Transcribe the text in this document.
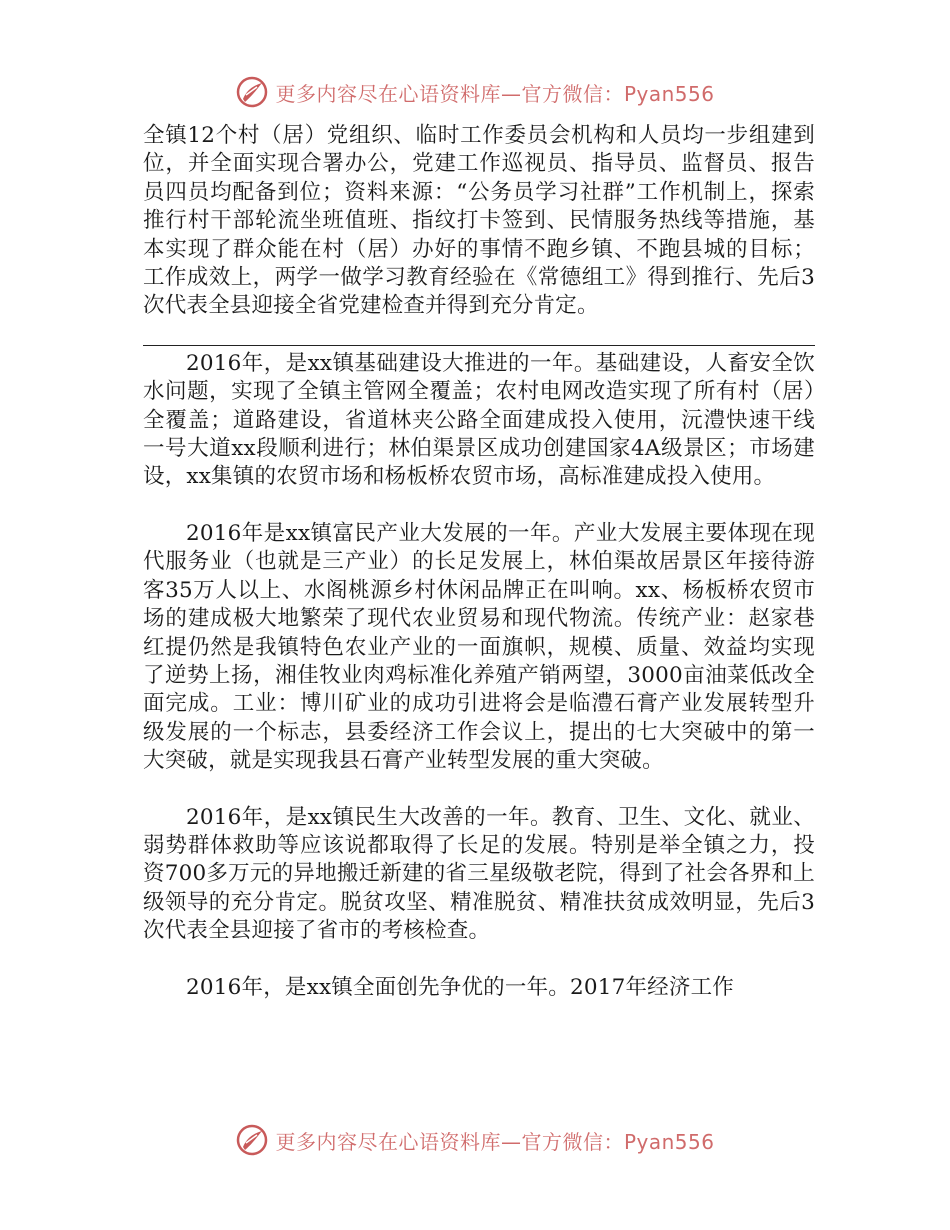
更多内容尽在心语资料库—官方微信：Pyan556

全镇12个村（居）党组织、临时工作委员会机构和人员均一步组建到位，并全面实现合署办公，党建工作巡视员、指导员、监督员、报告员四员均配备到位；资料来源：“公务员学习社群”工作机制上，探索推行村干部轮流坐班值班、指纹打卡签到、民情服务热线等措施，基本实现了群众能在村（居）办好的事情不跑乡镇、不跑县城的目标；工作成效上，两学一做学习教育经验在《常德组工》得到推行、先后3次代表全县迎接全省党建检查并得到充分肯定。

2016年，是xx镇基础建设大推进的一年。基础建设，人畜安全饮水问题，实现了全镇主管网全覆盖；农村电网改造实现了所有村（居）全覆盖；道路建设，省道林夹公路全面建成投入使用，沅澧快速干线一号大道xx段顺利进行；林伯渠景区成功创建国家4A级景区；市场建设，xx集镇的农贸市场和杨板桥农贸市场，高标准建成投入使用。

2016年是xx镇富民产业大发展的一年。产业大发展主要体现在现代服务业（也就是三产业）的长足发展上，林伯渠故居景区年接待游客35万人以上、水阁桃源乡村休闲品牌正在叫响。xx、杨板桥农贸市场的建成极大地繁荣了现代农业贸易和现代物流。传统产业：赵家巷红提仍然是我镇特色农业产业的一面旗帜，规模、质量、效益均实现了逆势上扬，湘佳牧业肉鸡标准化养殖产销两望，3000亩油菜低改全面完成。工业：博川矿业的成功引进将会是临澧石膏产业发展转型升级发展的一个标志，县委经济工作会议上，提出的七大突破中的第一大突破，就是实现我县石膏产业转型发展的重大突破。

2016年，是xx镇民生大改善的一年。教育、卫生、文化、就业、弱势群体救助等应该说都取得了长足的发展。特别是举全镇之力，投资700多万元的异地搬迁新建的省三星级敬老院，得到了社会各界和上级领导的充分肯定。脱贫攻坚、精准脱贫、精准扶贫成效明显，先后3次代表全县迎接了省市的考核检查。

2016年，是xx镇全面创先争优的一年。2017年经济工作

更多内容尽在心语资料库—官方微信：Pyan556
